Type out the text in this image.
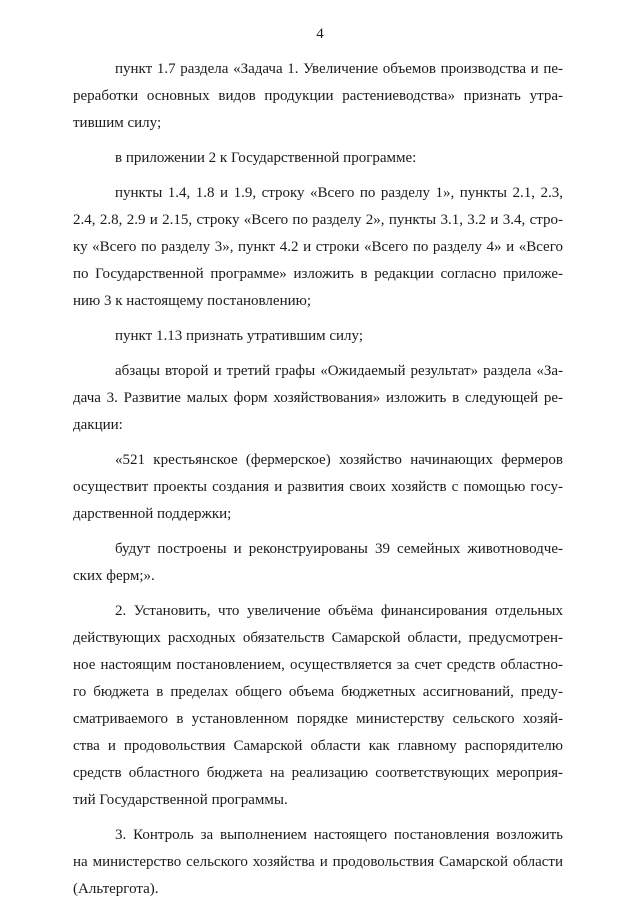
4
пункт 1.7 раздела «Задача 1. Увеличение объемов производства и пе-
реработки основных видов продукции растениеводства» признать утра-
тившим силу;
в приложении 2 к Государственной программе:
пункты 1.4, 1.8 и 1.9, строку «Всего по разделу 1», пункты 2.1, 2.3,
2.4, 2.8, 2.9 и 2.15, строку «Всего по разделу 2», пункты 3.1, 3.2 и 3.4, стро-
ку «Всего по разделу 3», пункт 4.2 и строки «Всего по разделу 4» и «Всего
по Государственной программе» изложить в редакции согласно приложе-
нию 3 к настоящему постановлению;
пункт 1.13 признать утратившим силу;
абзацы второй и третий графы «Ожидаемый результат» раздела «За-
дача 3. Развитие малых форм хозяйствования» изложить в следующей ре-
дакции:
«521 крестьянское (фермерское) хозяйство начинающих фермеров
осуществит проекты создания и развития своих хозяйств с помощью госу-
дарственной поддержки;
будут построены и реконструированы 39 семейных животноводче-
ских ферм;».
2. Установить, что увеличение объёма финансирования отдельных
действующих расходных обязательств Самарской области, предусмотрен-
ное настоящим постановлением, осуществляется за счет средств областно-
го бюджета в пределах общего объема бюджетных ассигнований, преду-
сматриваемого в установленном порядке министерству сельского хозяй-
ства и продовольствия Самарской области как главному распорядителю
средств областного бюджета на реализацию соответствующих мероприя-
тий Государственной программы.
3. Контроль за выполнением настоящего постановления возложить
на министерство сельского хозяйства и продовольствия Самарской области
(Альтергота).
